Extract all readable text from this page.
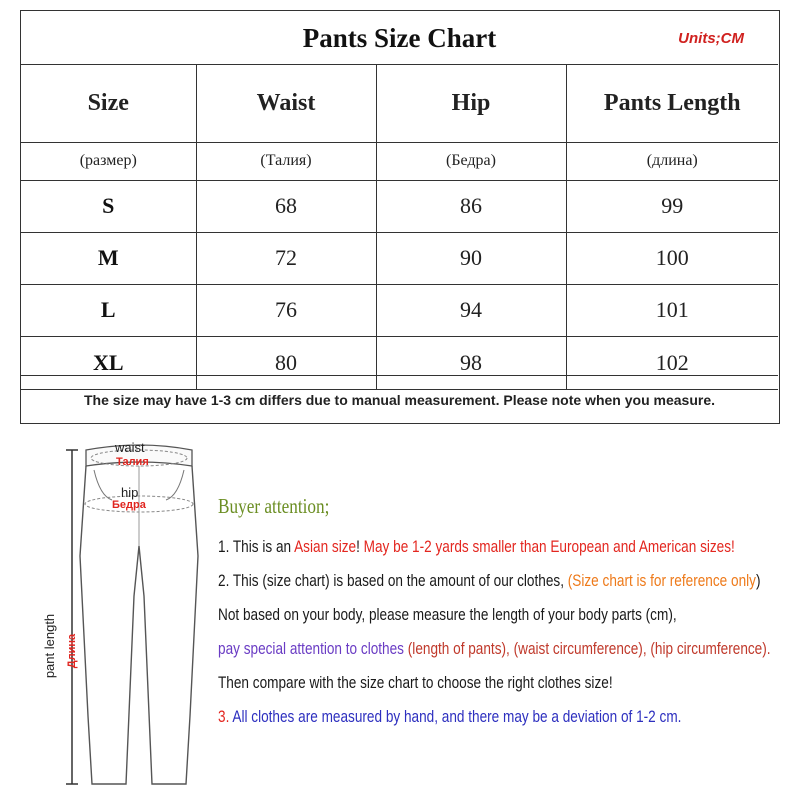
Pants Size Chart	Units;CM
Size	Waist	Hip	Pants Length
(размер)	(Талия)	(Бедра)	(длина)
S	68	86	99
M	72	90	100
L	76	94	101
XL	80	98	102
The size may have 1-3 cm differs due to manual measurement. Please note when you measure.
waist
Талия
hip
Бедра
pant length Длина
Buyer attention;
1. This is an Asian size! May be 1-2 yards smaller than European and American sizes!
2. This (size chart) is based on the amount of our clothes, (Size chart is for reference only)
Not based on your body, please measure the length of your body parts (cm),
pay special attention to clothes (length of pants), (waist circumference), (hip circumference).
Then compare with the size chart to choose the right clothes size!
3. All clothes are measured by hand, and there may be a deviation of 1-2 cm.
